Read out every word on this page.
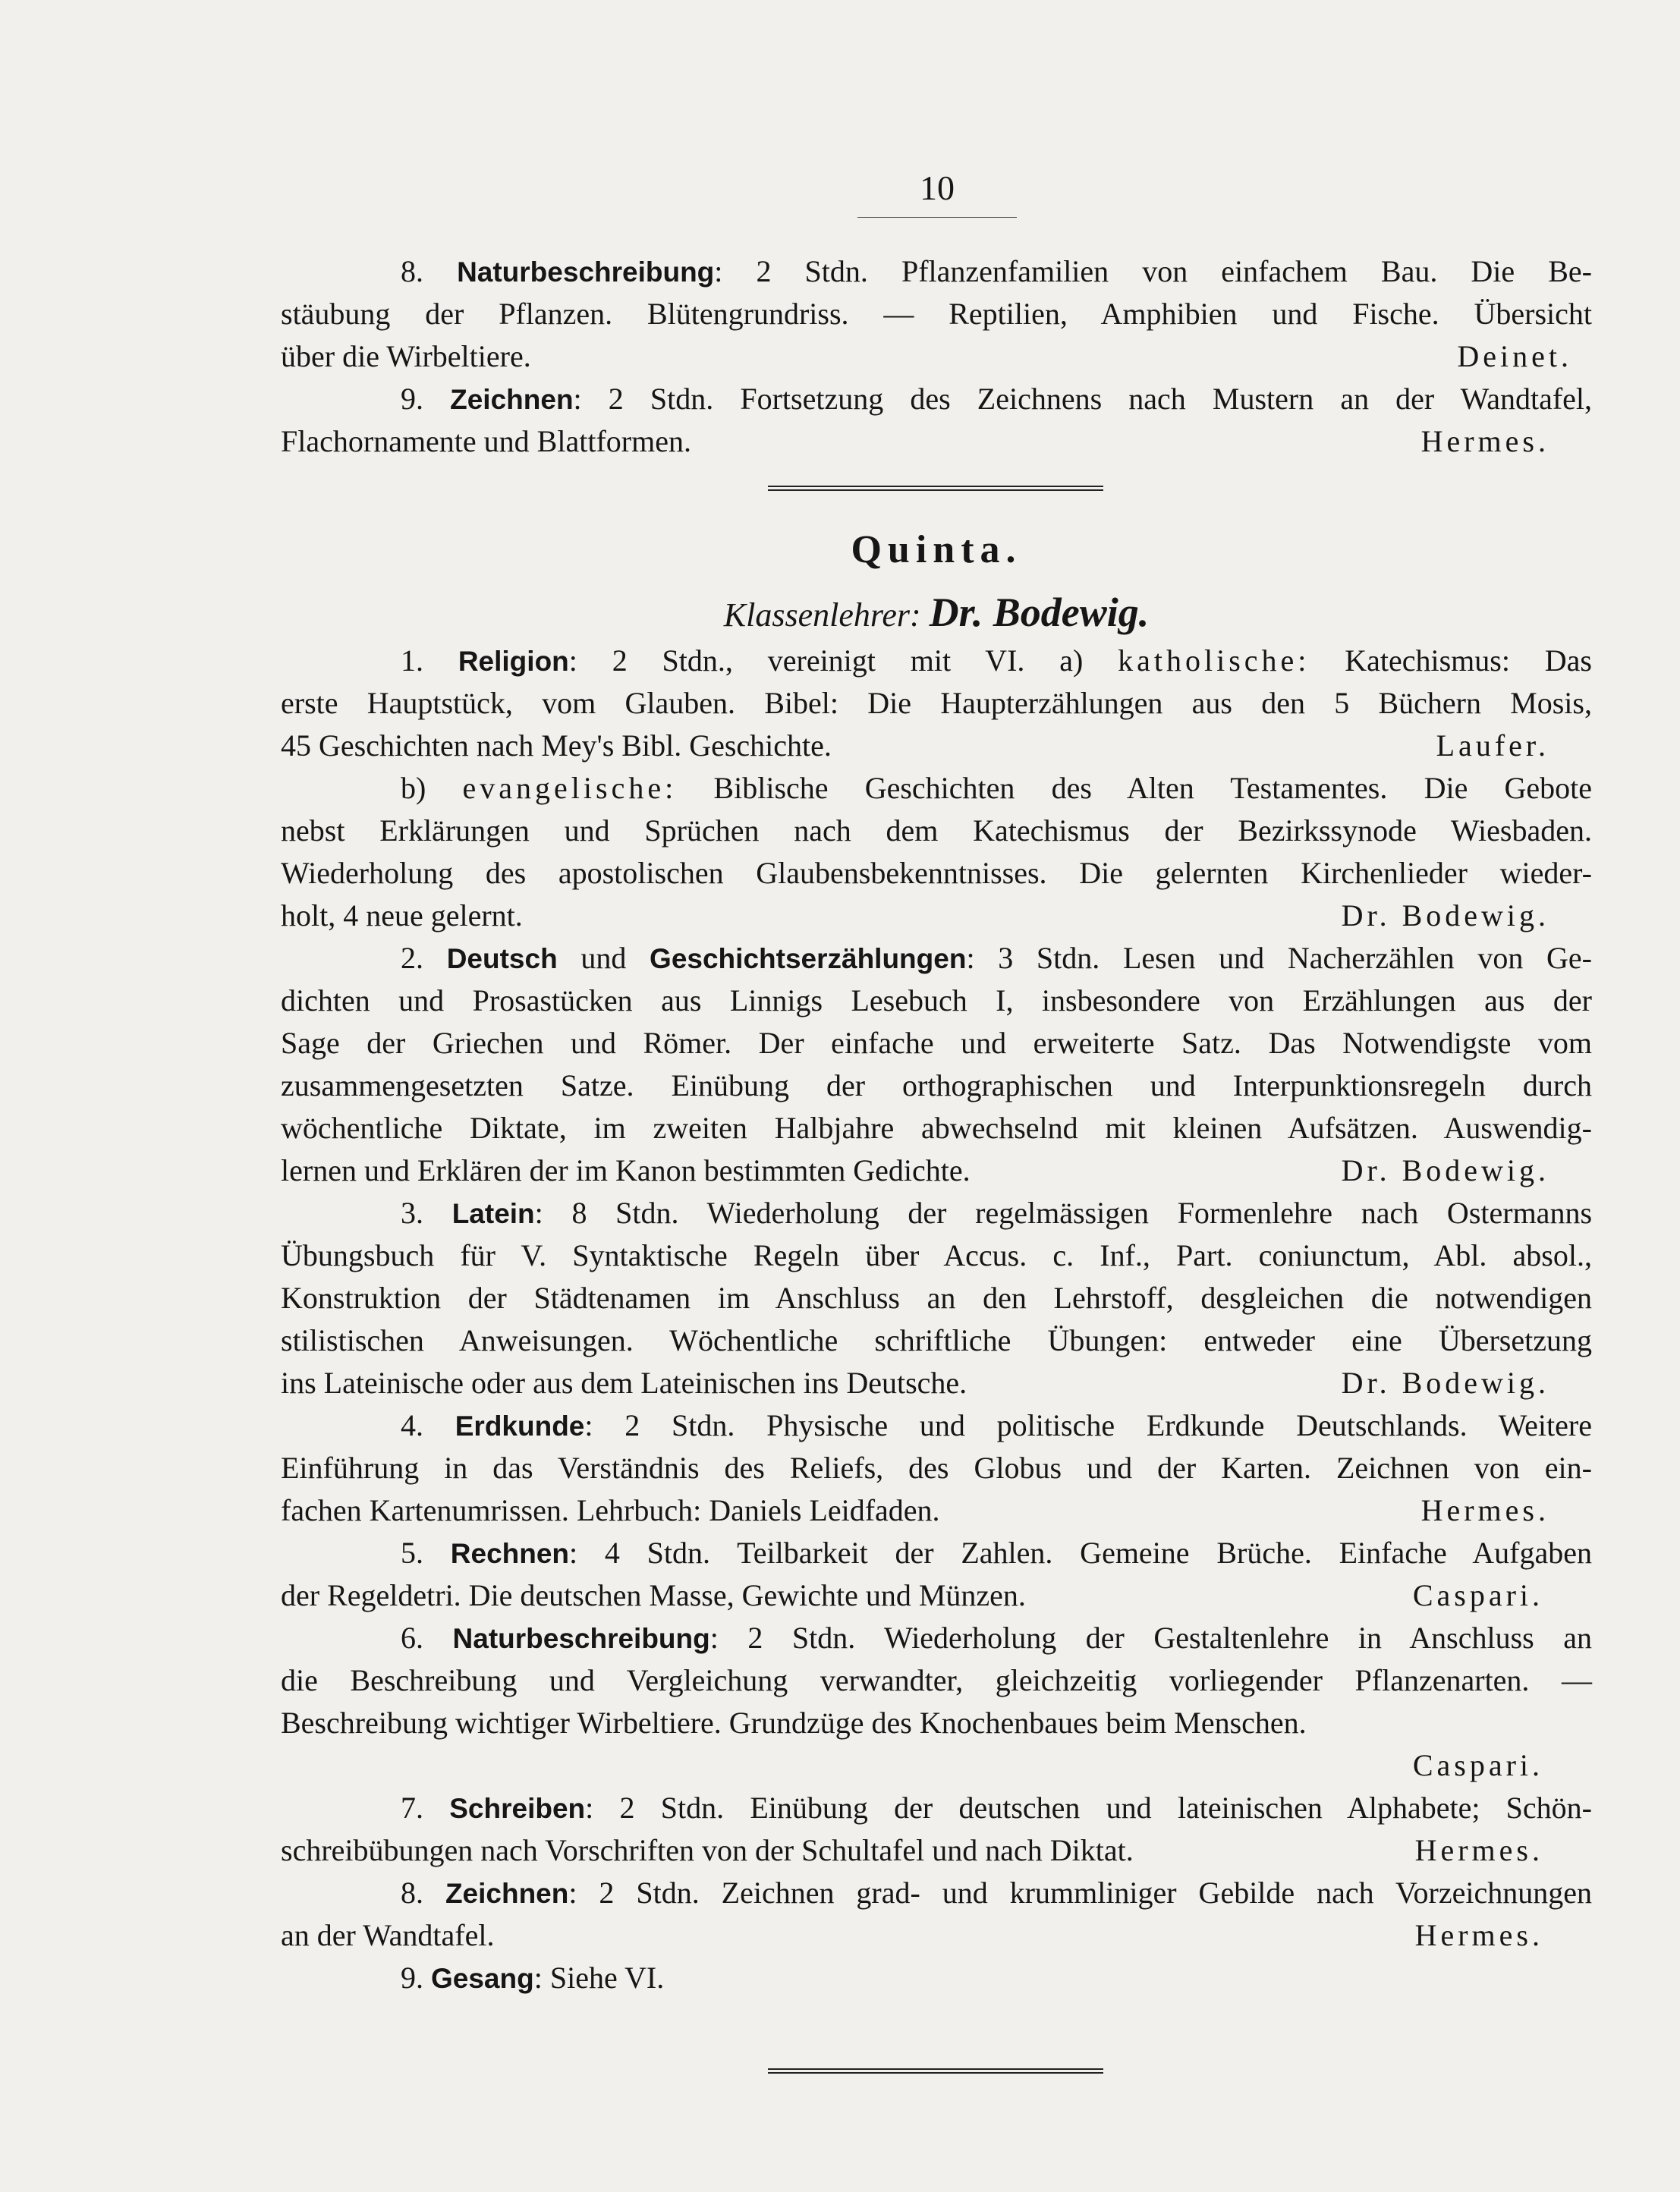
10
8. Naturbeschreibung: 2 Stdn. Pflanzenfamilien von einfachem Bau. Die Be-
stäubung der Pflanzen. Blütengrundriss. — Reptilien, Amphibien und Fische. Übersicht
über die Wirbeltiere.	Deinet.
9. Zeichnen: 2 Stdn. Fortsetzung des Zeichnens nach Mustern an der Wandtafel,
Flachornamente und Blattformen.	Hermes.
Quinta.
Klassenlehrer: Dr. Bodewig.
1. Religion: 2 Stdn., vereinigt mit VI. a) katholische: Katechismus: Das
erste Hauptstück, vom Glauben. Bibel: Die Haupterzählungen aus den 5 Büchern Mosis,
45 Geschichten nach Mey's Bibl. Geschichte.	Laufer.
b) evangelische: Biblische Geschichten des Alten Testamentes. Die Gebote
nebst Erklärungen und Sprüchen nach dem Katechismus der Bezirkssynode Wiesbaden.
Wiederholung des apostolischen Glaubensbekenntnisses. Die gelernten Kirchenlieder wieder-
holt, 4 neue gelernt.	Dr. Bodewig.
2. Deutsch und Geschichtserzählungen: 3 Stdn. Lesen und Nacherzählen von Ge-
dichten und Prosastücken aus Linnigs Lesebuch I, insbesondere von Erzählungen aus der
Sage der Griechen und Römer. Der einfache und erweiterte Satz. Das Notwendigste vom
zusammengesetzten Satze. Einübung der orthographischen und Interpunktionsregeln durch
wöchentliche Diktate, im zweiten Halbjahre abwechselnd mit kleinen Aufsätzen. Auswendig-
lernen und Erklären der im Kanon bestimmten Gedichte.	Dr. Bodewig.
3. Latein: 8 Stdn. Wiederholung der regelmässigen Formenlehre nach Ostermanns
Übungsbuch für V. Syntaktische Regeln über Accus. c. Inf., Part. coniunctum, Abl. absol.,
Konstruktion der Städtenamen im Anschluss an den Lehrstoff, desgleichen die notwendigen
stilistischen Anweisungen. Wöchentliche schriftliche Übungen: entweder eine Übersetzung
ins Lateinische oder aus dem Lateinischen ins Deutsche.	Dr. Bodewig.
4. Erdkunde: 2 Stdn. Physische und politische Erdkunde Deutschlands. Weitere
Einführung in das Verständnis des Reliefs, des Globus und der Karten. Zeichnen von ein-
fachen Kartenumrissen. Lehrbuch: Daniels Leidfaden.	Hermes.
5. Rechnen: 4 Stdn. Teilbarkeit der Zahlen. Gemeine Brüche. Einfache Aufgaben
der Regeldetri. Die deutschen Masse, Gewichte und Münzen.	Caspari.
6. Naturbeschreibung: 2 Stdn. Wiederholung der Gestaltenlehre in Anschluss an
die Beschreibung und Vergleichung verwandter, gleichzeitig vorliegender Pflanzenarten. —
Beschreibung wichtiger Wirbeltiere. Grundzüge des Knochenbaues beim Menschen.
Caspari.
7. Schreiben: 2 Stdn. Einübung der deutschen und lateinischen Alphabete; Schön-
schreibübungen nach Vorschriften von der Schultafel und nach Diktat.	Hermes.
8. Zeichnen: 2 Stdn. Zeichnen grad- und krummliniger Gebilde nach Vorzeichnungen
an der Wandtafel.	Hermes.
9. Gesang: Siehe VI.
